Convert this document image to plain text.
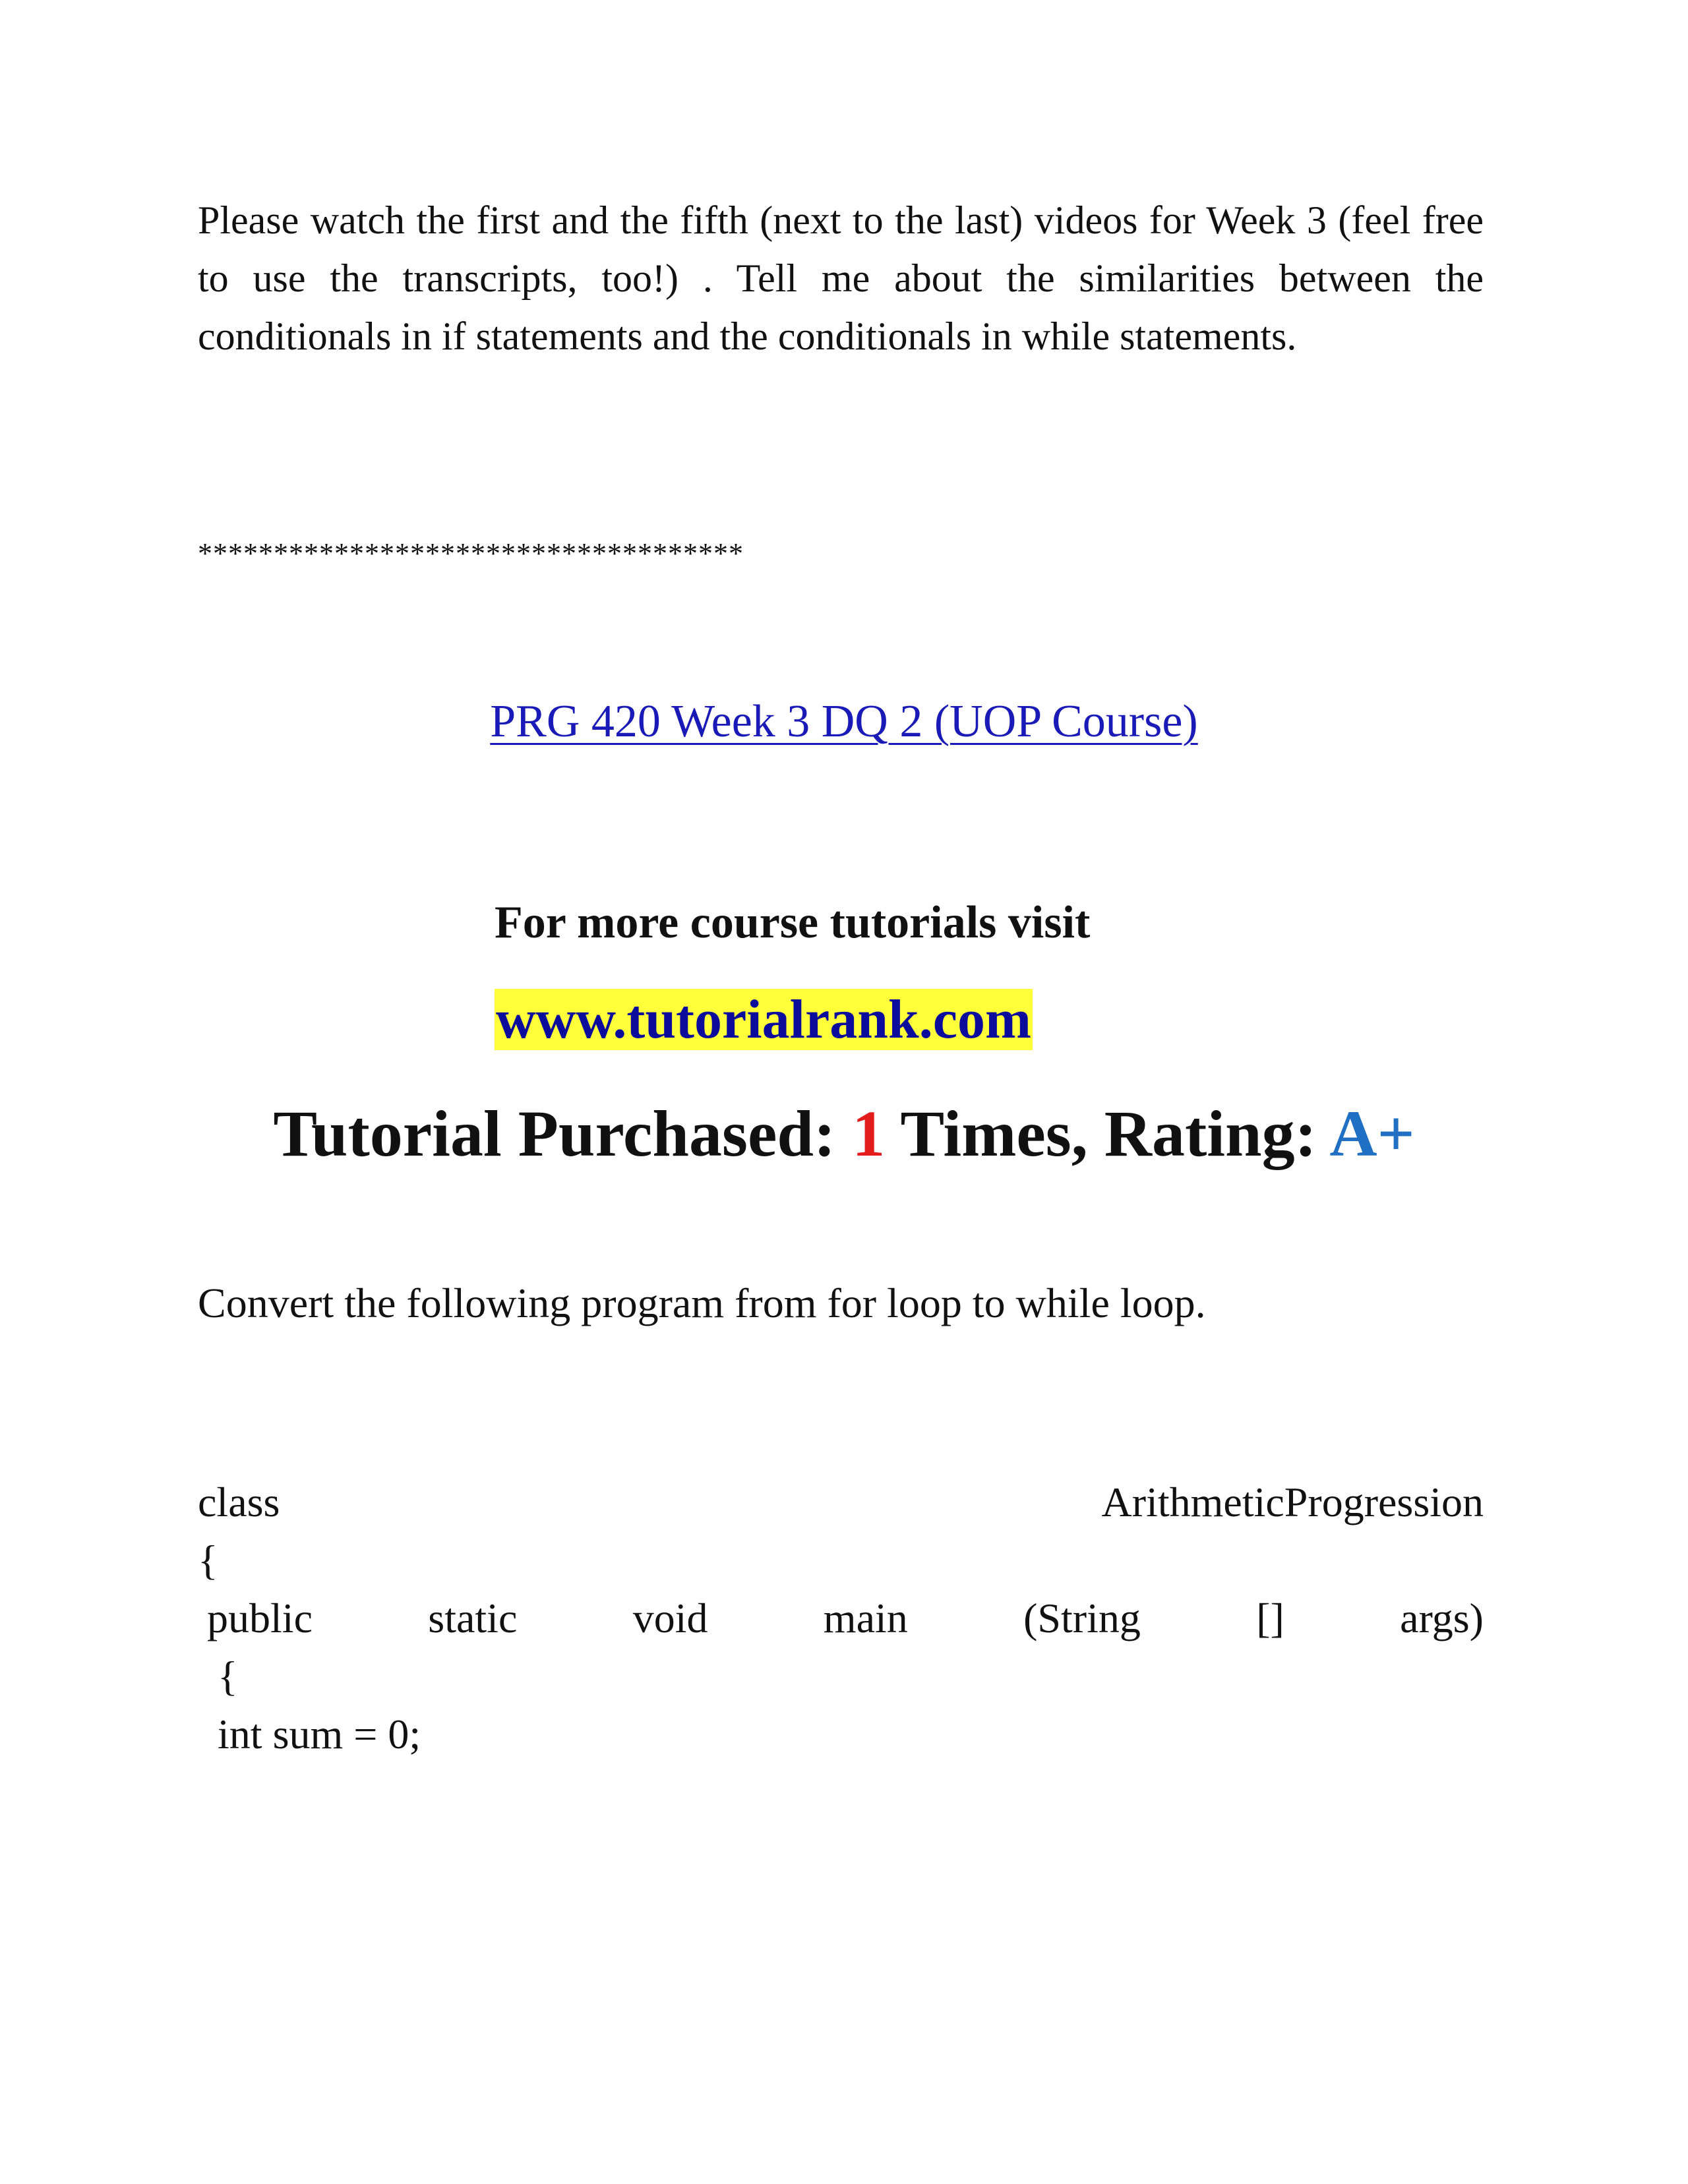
Please watch the first and the fifth (next to the last) videos for Week 3 (feel free to use the transcripts, too!) . Tell me about the similarities between the conditionals in if statements and the conditionals in while statements.
************************************
PRG 420 Week 3 DQ 2 (UOP Course)
For more course tutorials visit
www.tutorialrank.com
Tutorial Purchased: 1 Times, Rating: A+
Convert the following program from for loop to while loop.
class	ArithmeticProgression
{
public	static	void	main	(String	[]	args)
{
int sum = 0;
